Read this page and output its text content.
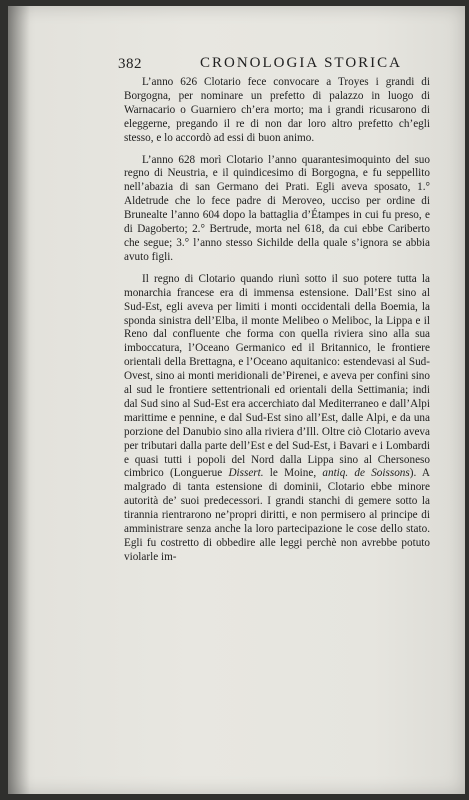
382	CRONOLOGIA STORICA

L’anno 626 Clotario fece convocare a Troyes i grandi di Borgogna, per nominare un prefetto di palazzo in luogo di Warnacario o Guarniero ch’era morto; ma i grandi ricusarono di eleggerne, pregando il re di non dar loro altro prefetto ch’egli stesso, e lo accordò ad essi di buon animo.

L’anno 628 morì Clotario l’anno quarantesimoquinto del suo regno di Neustria, e il quindicesimo di Borgogna, e fu seppellito nell’abazia di san Germano dei Prati. Egli aveva sposato, 1.° Aldetrude che lo fece padre di Meroveo, ucciso per ordine di Brunealte l’anno 604 dopo la battaglia d’Étampes in cui fu preso, e di Dagoberto; 2.° Bertrude, morta nel 618, da cui ebbe Cariberto che segue; 3.° l’anno stesso Sichilde della quale s’ignora se abbia avuto figli.

Il regno di Clotario quando riunì sotto il suo potere tutta la monarchia francese era di immensa estensione. Dall’Est sino al Sud-Est, egli aveva per limiti i monti occidentali della Boemia, la sponda sinistra dell’Elba, il monte Melibeo o Meliboc, la Lippa e il Reno dal confluente che forma con quella riviera sino alla sua imboccatura, l’Oceano Germanico ed il Britannico, le frontiere orientali della Brettagna, e l’Oceano aquitanico: estendevasi al Sud-Ovest, sino ai monti meridionali de’Pirenei, e aveva per confini sino al sud le frontiere settentrionali ed orientali della Settimania; indi dal Sud sino al Sud-Est era accerchiato dal Mediterraneo e dall’Alpi marittime e pennine, e dal Sud-Est sino all’Est, dalle Alpi, e da una porzione del Danubio sino alla riviera d’Ill. Oltre ciò Clotario aveva per tributari dalla parte dell’Est e del Sud-Est, i Bavari e i Lombardi e quasi tutti i popoli del Nord dalla Lippa sino al Chersoneso cimbrico (Longuerue Dissert. le Moine, antiq. de Soissons). A malgrado di tanta estensione di dominii, Clotario ebbe minore autorità de’ suoi predecessori. I grandi stanchi di gemere sotto la tirannia rientrarono ne’propri diritti, e non permisero al principe di amministrare senza anche la loro partecipazione le cose dello stato. Egli fu costretto di obbedire alle leggi perchè non avrebbe potuto violarle im-
